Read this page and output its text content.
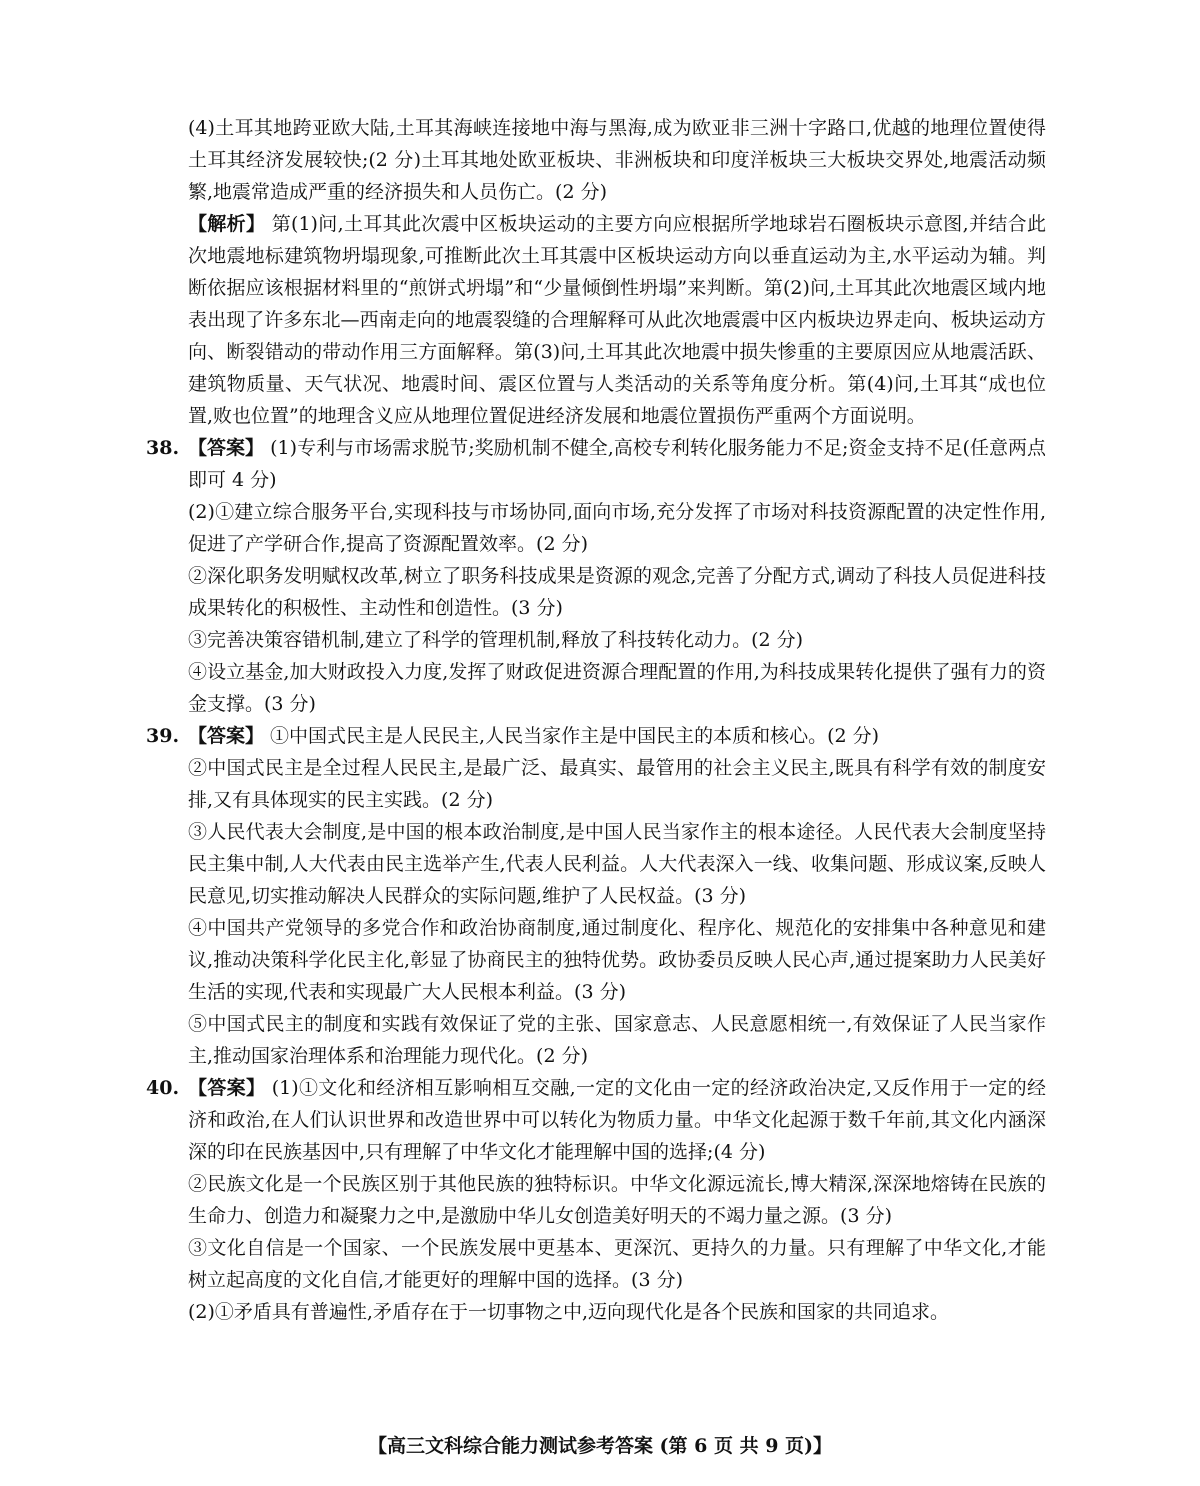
(4)土耳其地跨亚欧大陆,土耳其海峡连接地中海与黑海,成为欧亚非三洲十字路口,优越的地理位置使得土耳其经济发展较快;(2 分)土耳其地处欧亚板块、非洲板块和印度洋板块三大板块交界处,地震活动频繁,地震常造成严重的经济损失和人员伤亡。(2 分)

【解析】 第(1)问,土耳其此次震中区板块运动的主要方向应根据所学地球岩石圈板块示意图,并结合此次地震地标建筑物坍塌现象,可推断此次土耳其震中区板块运动方向以垂直运动为主,水平运动为辅。判断依据应该根据材料里的“煎饼式坍塌”和“少量倾倒性坍塌”来判断。第(2)问,土耳其此次地震区域内地表出现了许多东北—西南走向的地震裂缝的合理解释可从此次地震震中区内板块边界走向、板块运动方向、断裂错动的带动作用三方面解释。第(3)问,土耳其此次地震中损失惨重的主要原因应从地震活跃、建筑物质量、天气状况、地震时间、震区位置与人类活动的关系等角度分析。第(4)问,土耳其“成也位置,败也位置”的地理含义应从地理位置促进经济发展和地震位置损伤严重两个方面说明。

38. 【答案】 (1)专利与市场需求脱节;奖励机制不健全,高校专利转化服务能力不足;资金支持不足(任意两点即可 4 分)

(2)①建立综合服务平台,实现科技与市场协同,面向市场,充分发挥了市场对科技资源配置的决定性作用,促进了产学研合作,提高了资源配置效率。(2 分)

②深化职务发明赋权改革,树立了职务科技成果是资源的观念,完善了分配方式,调动了科技人员促进科技成果转化的积极性、主动性和创造性。(3 分)

③完善决策容错机制,建立了科学的管理机制,释放了科技转化动力。(2 分)

④设立基金,加大财政投入力度,发挥了财政促进资源合理配置的作用,为科技成果转化提供了强有力的资金支撑。(3 分)

39. 【答案】 ①中国式民主是人民民主,人民当家作主是中国民主的本质和核心。(2 分)

②中国式民主是全过程人民民主,是最广泛、最真实、最管用的社会主义民主,既具有科学有效的制度安排,又有具体现实的民主实践。(2 分)

③人民代表大会制度,是中国的根本政治制度,是中国人民当家作主的根本途径。人民代表大会制度坚持民主集中制,人大代表由民主选举产生,代表人民利益。人大代表深入一线、收集问题、形成议案,反映人民意见,切实推动解决人民群众的实际问题,维护了人民权益。(3 分)

④中国共产党领导的多党合作和政治协商制度,通过制度化、程序化、规范化的安排集中各种意见和建议,推动决策科学化民主化,彰显了协商民主的独特优势。政协委员反映人民心声,通过提案助力人民美好生活的实现,代表和实现最广大人民根本利益。(3 分)

⑤中国式民主的制度和实践有效保证了党的主张、国家意志、人民意愿相统一,有效保证了人民当家作主,推动国家治理体系和治理能力现代化。(2 分)

40. 【答案】 (1)①文化和经济相互影响相互交融,一定的文化由一定的经济政治决定,又反作用于一定的经济和政治,在人们认识世界和改造世界中可以转化为物质力量。中华文化起源于数千年前,其文化内涵深深的印在民族基因中,只有理解了中华文化才能理解中国的选择;(4 分)

②民族文化是一个民族区别于其他民族的独特标识。中华文化源远流长,博大精深,深深地熔铸在民族的生命力、创造力和凝聚力之中,是激励中华儿女创造美好明天的不竭力量之源。(3 分)

③文化自信是一个国家、一个民族发展中更基本、更深沉、更持久的力量。只有理解了中华文化,才能树立起高度的文化自信,才能更好的理解中国的选择。(3 分)

(2)①矛盾具有普遍性,矛盾存在于一切事物之中,迈向现代化是各个民族和国家的共同追求。

【高三文科综合能力测试参考答案 (第 6 页 共 9 页)】
